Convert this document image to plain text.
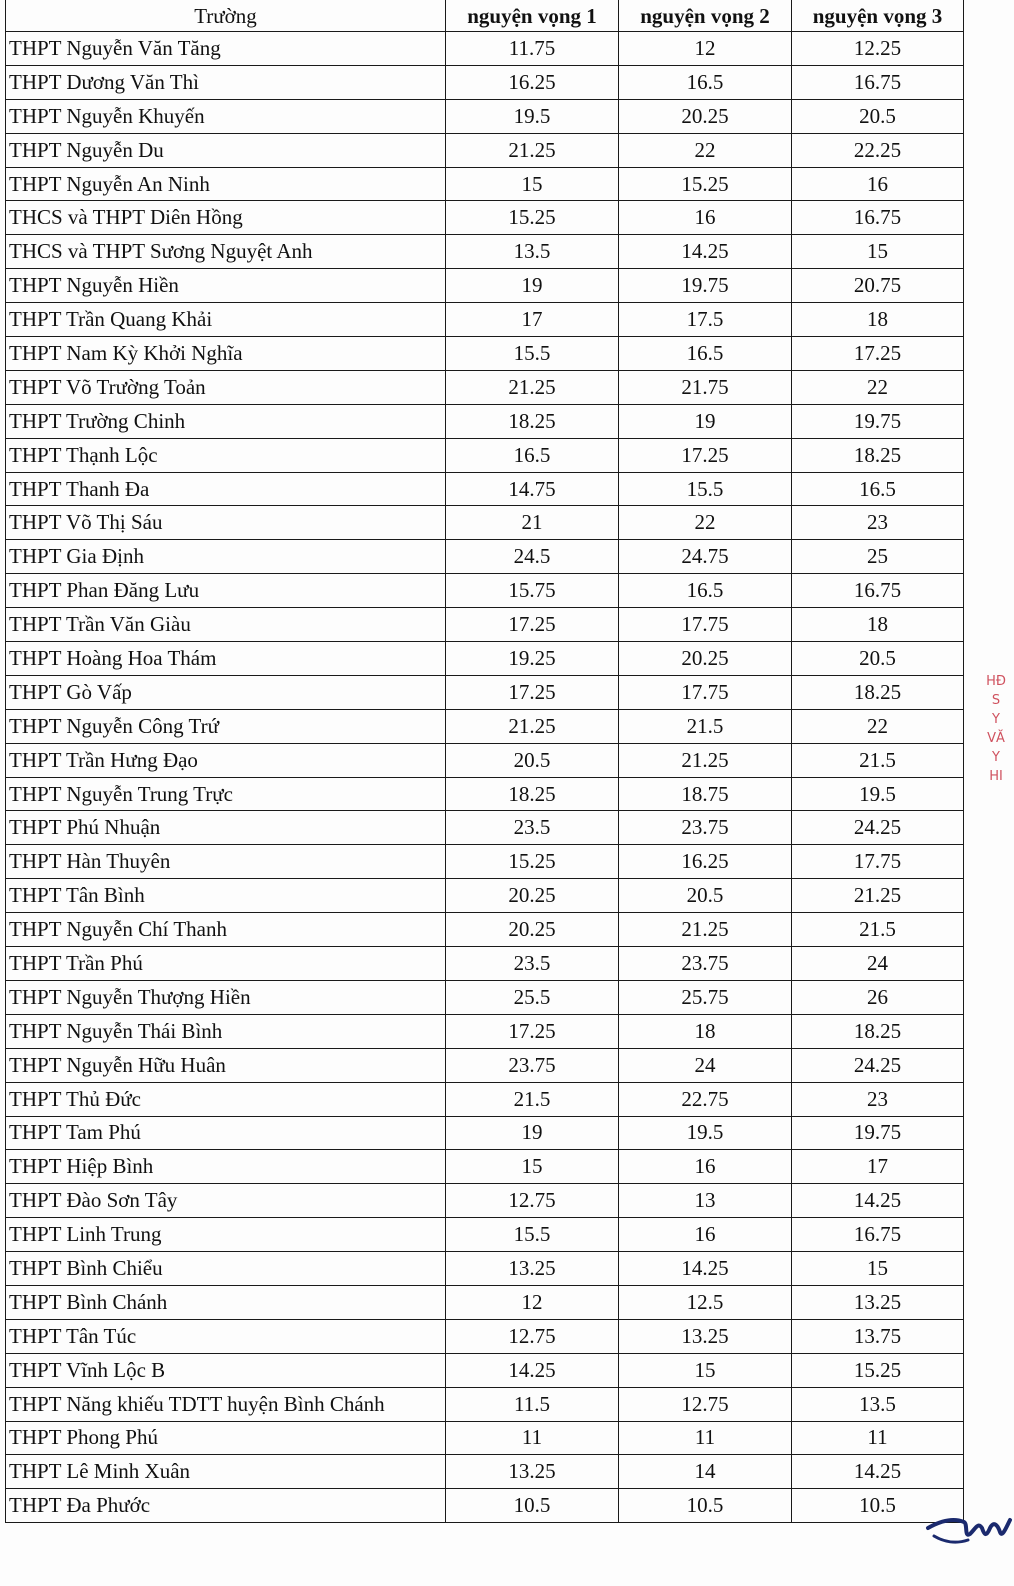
Trường	nguyện vọng 1	nguyện vọng 2	nguyện vọng 3
THPT Nguyễn Văn Tăng	11.75	12	12.25
THPT Dương Văn Thì	16.25	16.5	16.75
THPT Nguyễn Khuyến	19.5	20.25	20.5
THPT Nguyễn Du	21.25	22	22.25
THPT Nguyễn An Ninh	15	15.25	16
THCS và THPT Diên Hồng	15.25	16	16.75
THCS và THPT Sương Nguyệt Anh	13.5	14.25	15
THPT Nguyễn Hiền	19	19.75	20.75
THPT Trần Quang Khải	17	17.5	18
THPT Nam Kỳ Khởi Nghĩa	15.5	16.5	17.25
THPT Võ Trường Toản	21.25	21.75	22
THPT Trường Chinh	18.25	19	19.75
THPT Thạnh Lộc	16.5	17.25	18.25
THPT Thanh Đa	14.75	15.5	16.5
THPT Võ Thị Sáu	21	22	23
THPT Gia Định	24.5	24.75	25
THPT Phan Đăng Lưu	15.75	16.5	16.75
THPT Trần Văn Giàu	17.25	17.75	18
THPT Hoàng Hoa Thám	19.25	20.25	20.5
THPT Gò Vấp	17.25	17.75	18.25
THPT Nguyễn Công Trứ	21.25	21.5	22
THPT Trần Hưng Đạo	20.5	21.25	21.5
THPT Nguyễn Trung Trực	18.25	18.75	19.5
THPT Phú Nhuận	23.5	23.75	24.25
THPT Hàn Thuyên	15.25	16.25	17.75
THPT Tân Bình	20.25	20.5	21.25
THPT Nguyễn Chí Thanh	20.25	21.25	21.5
THPT Trần Phú	23.5	23.75	24
THPT Nguyễn Thượng Hiền	25.5	25.75	26
THPT Nguyễn Thái Bình	17.25	18	18.25
THPT Nguyễn Hữu Huân	23.75	24	24.25
THPT Thủ Đức	21.5	22.75	23
THPT Tam Phú	19	19.5	19.75
THPT Hiệp Bình	15	16	17
THPT Đào Sơn Tây	12.75	13	14.25
THPT Linh Trung	15.5	16	16.75
THPT Bình Chiểu	13.25	14.25	15
THPT Bình Chánh	12	12.5	13.25
THPT Tân Túc	12.75	13.25	13.75
THPT Vĩnh Lộc B	14.25	15	15.25
THPT Năng khiếu TDTT huyện Bình Chánh	11.5	12.75	13.5
THPT Phong Phú	11	11	11
THPT Lê Minh Xuân	13.25	14	14.25
THPT Đa Phước	10.5	10.5	10.5
HĐ
S
Y
VĂ
Y
HI
